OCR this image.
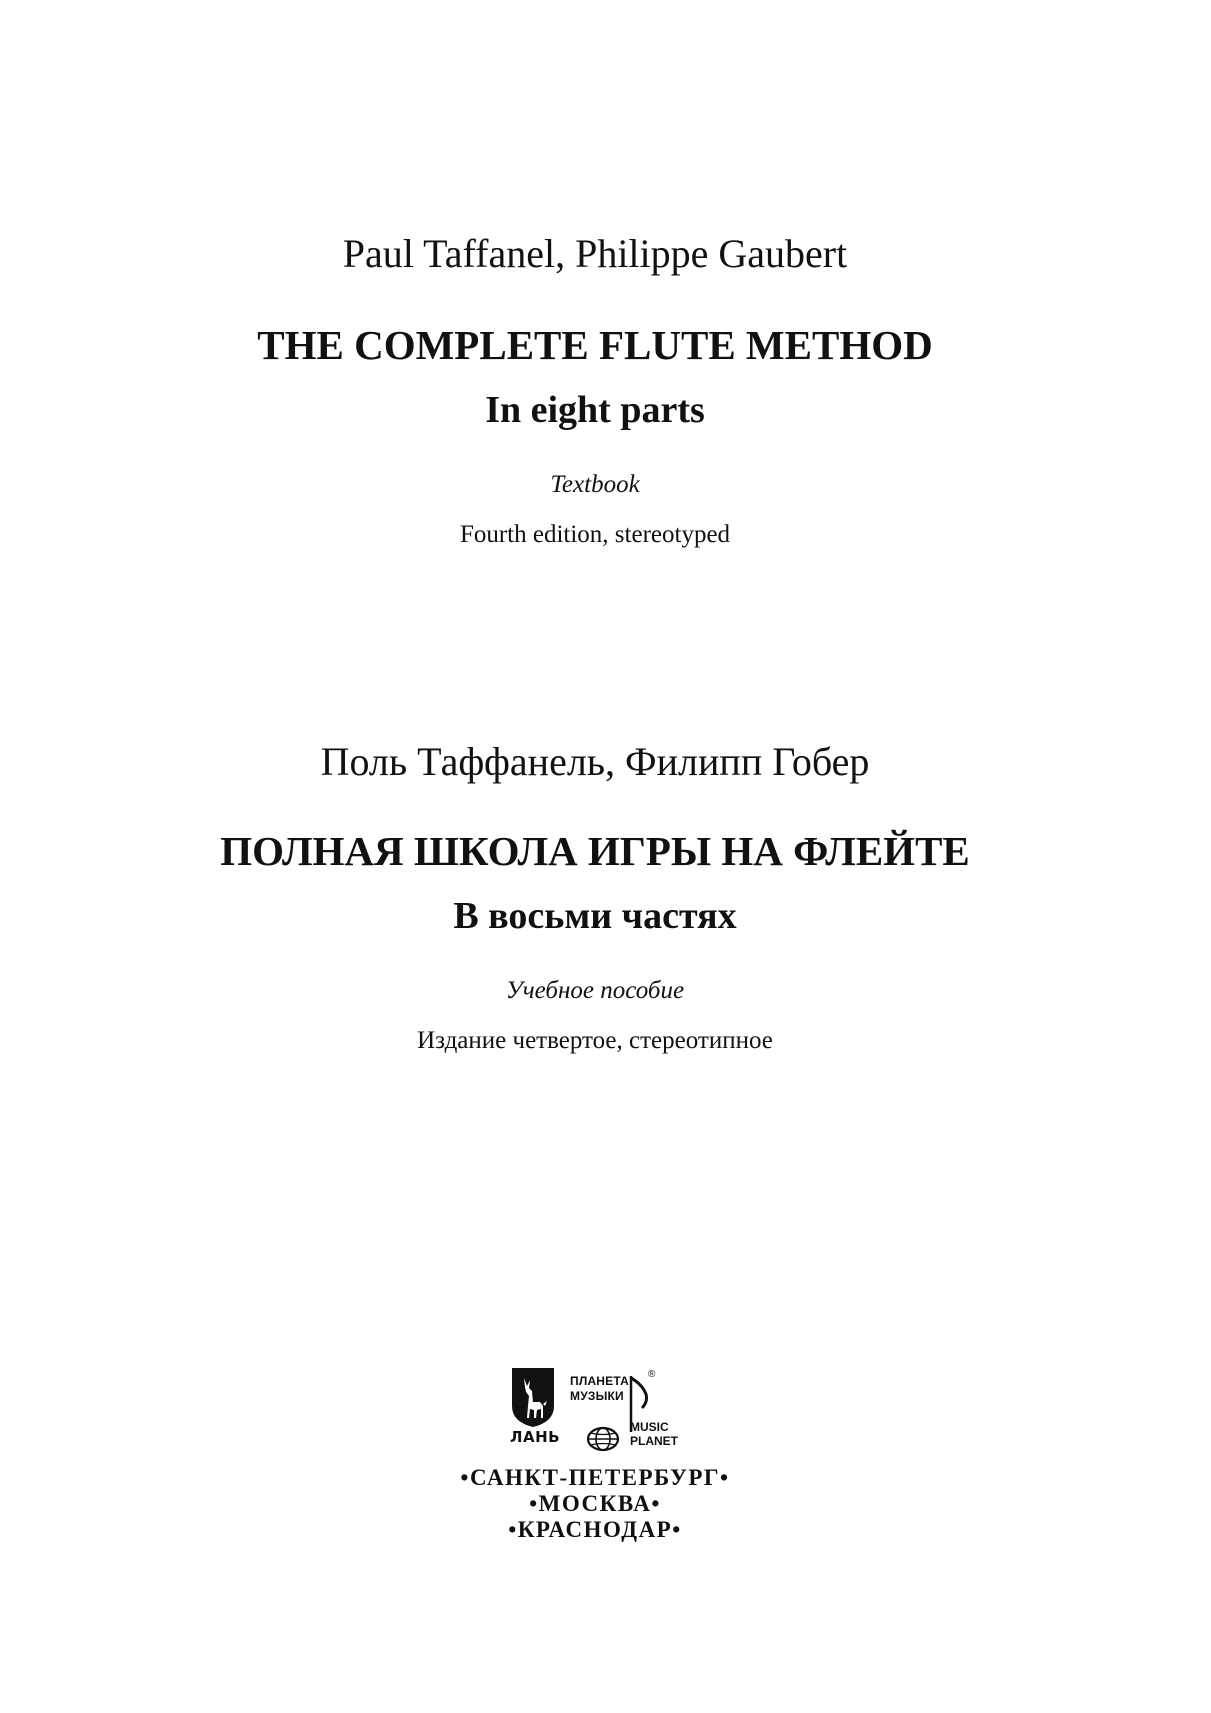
Paul Taffanel, Philippe Gaubert
THE COMPLETE FLUTE METHOD
In eight parts
Textbook
Fourth edition, stereotyped
Поль Таффанель, Филипп Гобер
ПОЛНАЯ ШКОЛА ИГРЫ НА ФЛЕЙТЕ
В восьми частях
Учебное пособие
Издание четвертое, стереотипное
ЛАНЬ
ПЛАНЕТА
МУЗЫКИ
®
MUSIC
PLANET
•САНКТ-ПЕТЕРБУРГ•
•МОСКВА•
•КРАСНОДАР•
